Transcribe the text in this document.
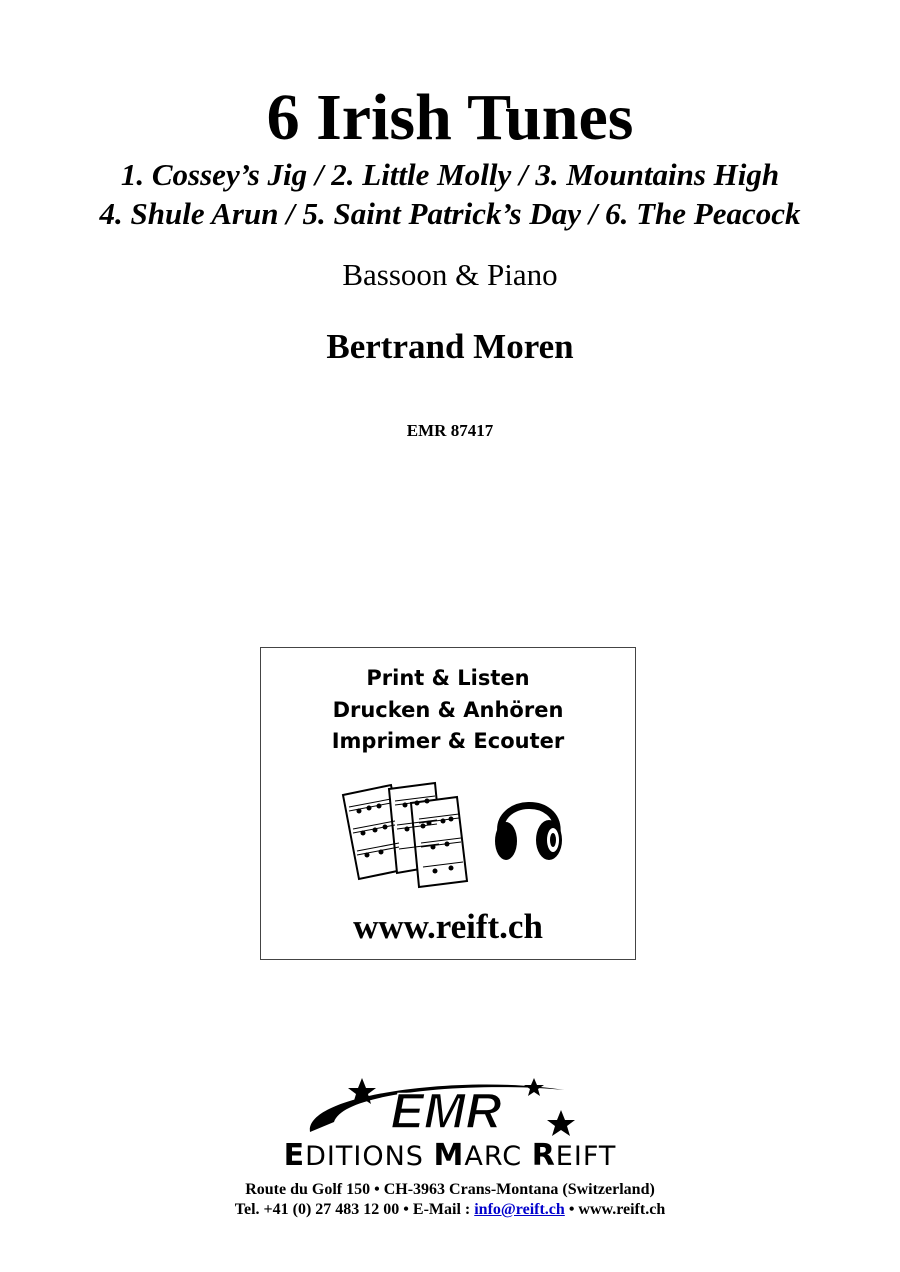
6 Irish Tunes
1. Cossey’s Jig / 2. Little Molly / 3. Mountains High
4. Shule Arun / 5. Saint Patrick’s Day / 6. The Peacock
Bassoon & Piano
Bertrand Moren
EMR 87417
Print & Listen
Drucken & Anhören
Imprimer & Ecouter
www.reift.ch
EMR
EDITIONS MARC REIFT
Route du Golf 150 • CH-3963 Crans-Montana (Switzerland)
Tel. +41 (0) 27 483 12 00 • E-Mail : info@reift.ch • www.reift.ch
